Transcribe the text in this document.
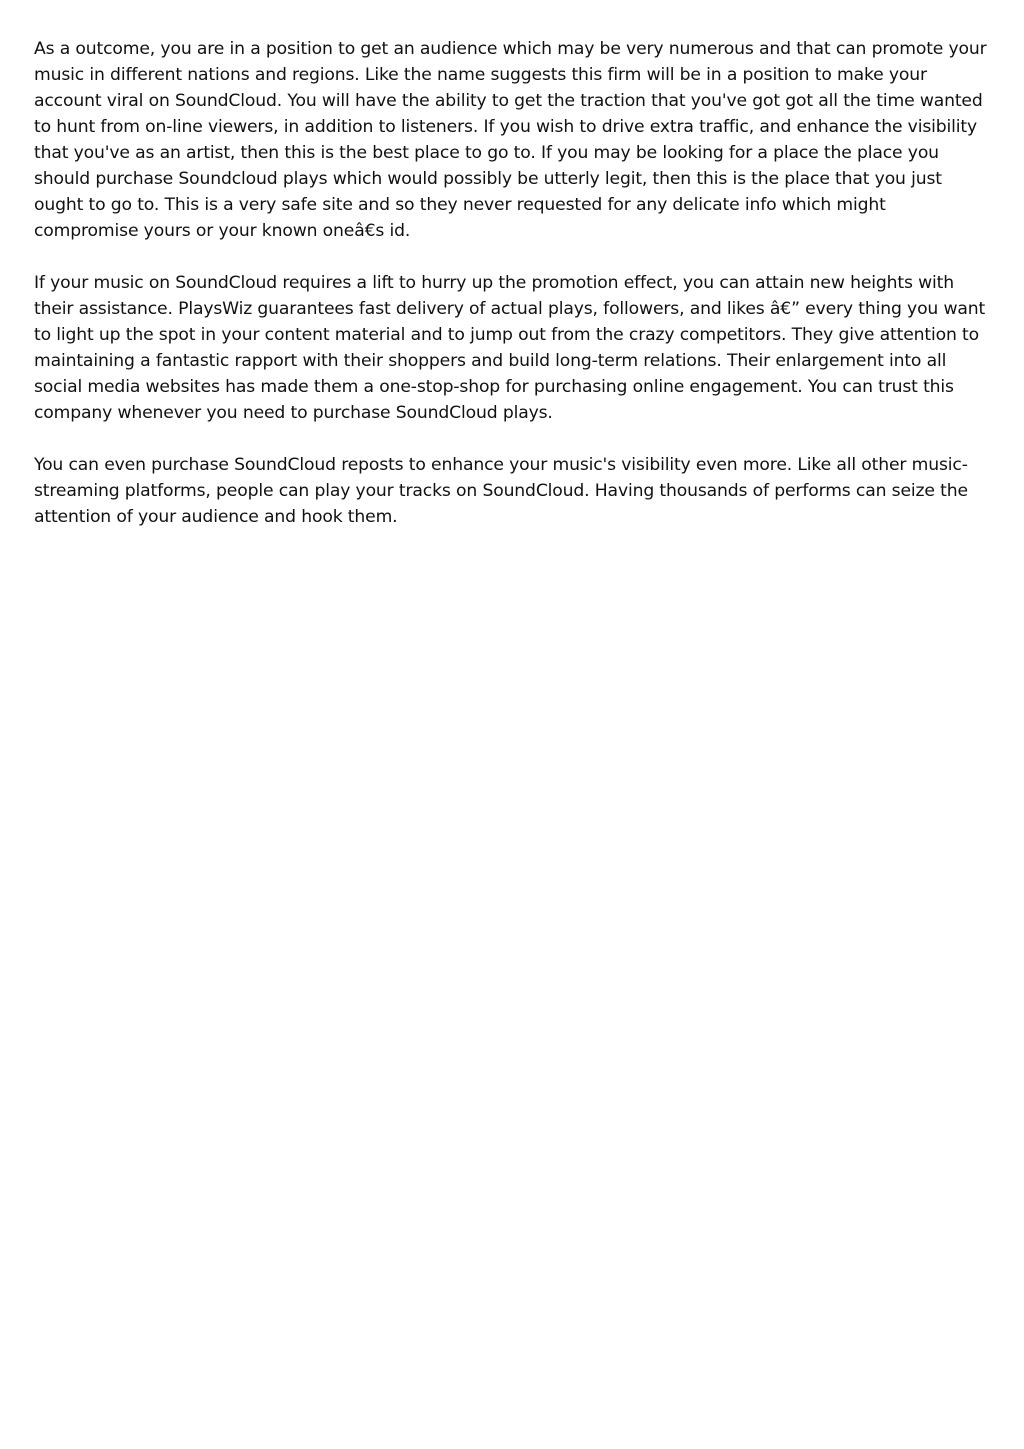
As a outcome, you are in a position to get an audience which may be very numerous and that can promote your music in different nations and regions. Like the name suggests this firm will be in a position to make your account viral on SoundCloud. You will have the ability to get the traction that you've got got all the time wanted to hunt from on-line viewers, in addition to listeners. If you wish to drive extra traffic, and enhance the visibility that you've as an artist, then this is the best place to go to. If you may be looking for a place the place you should purchase Soundcloud plays which would possibly be utterly legit, then this is the place that you just ought to go to. This is a very safe site and so they never requested for any delicate info which might compromise yours or your known oneâ€s id.

If your music on SoundCloud requires a lift to hurry up the promotion effect, you can attain new heights with their assistance. PlaysWiz guarantees fast delivery of actual plays, followers, and likes â€” every thing you want to light up the spot in your content material and to jump out from the crazy competitors. They give attention to maintaining a fantastic rapport with their shoppers and build long-term relations. Their enlargement into all social media websites has made them a one-stop-shop for purchasing online engagement. You can trust this company whenever you need to purchase SoundCloud plays.

You can even purchase SoundCloud reposts to enhance your music's visibility even more. Like all other music-streaming platforms, people can play your tracks on SoundCloud. Having thousands of performs can seize the attention of your audience and hook them.
